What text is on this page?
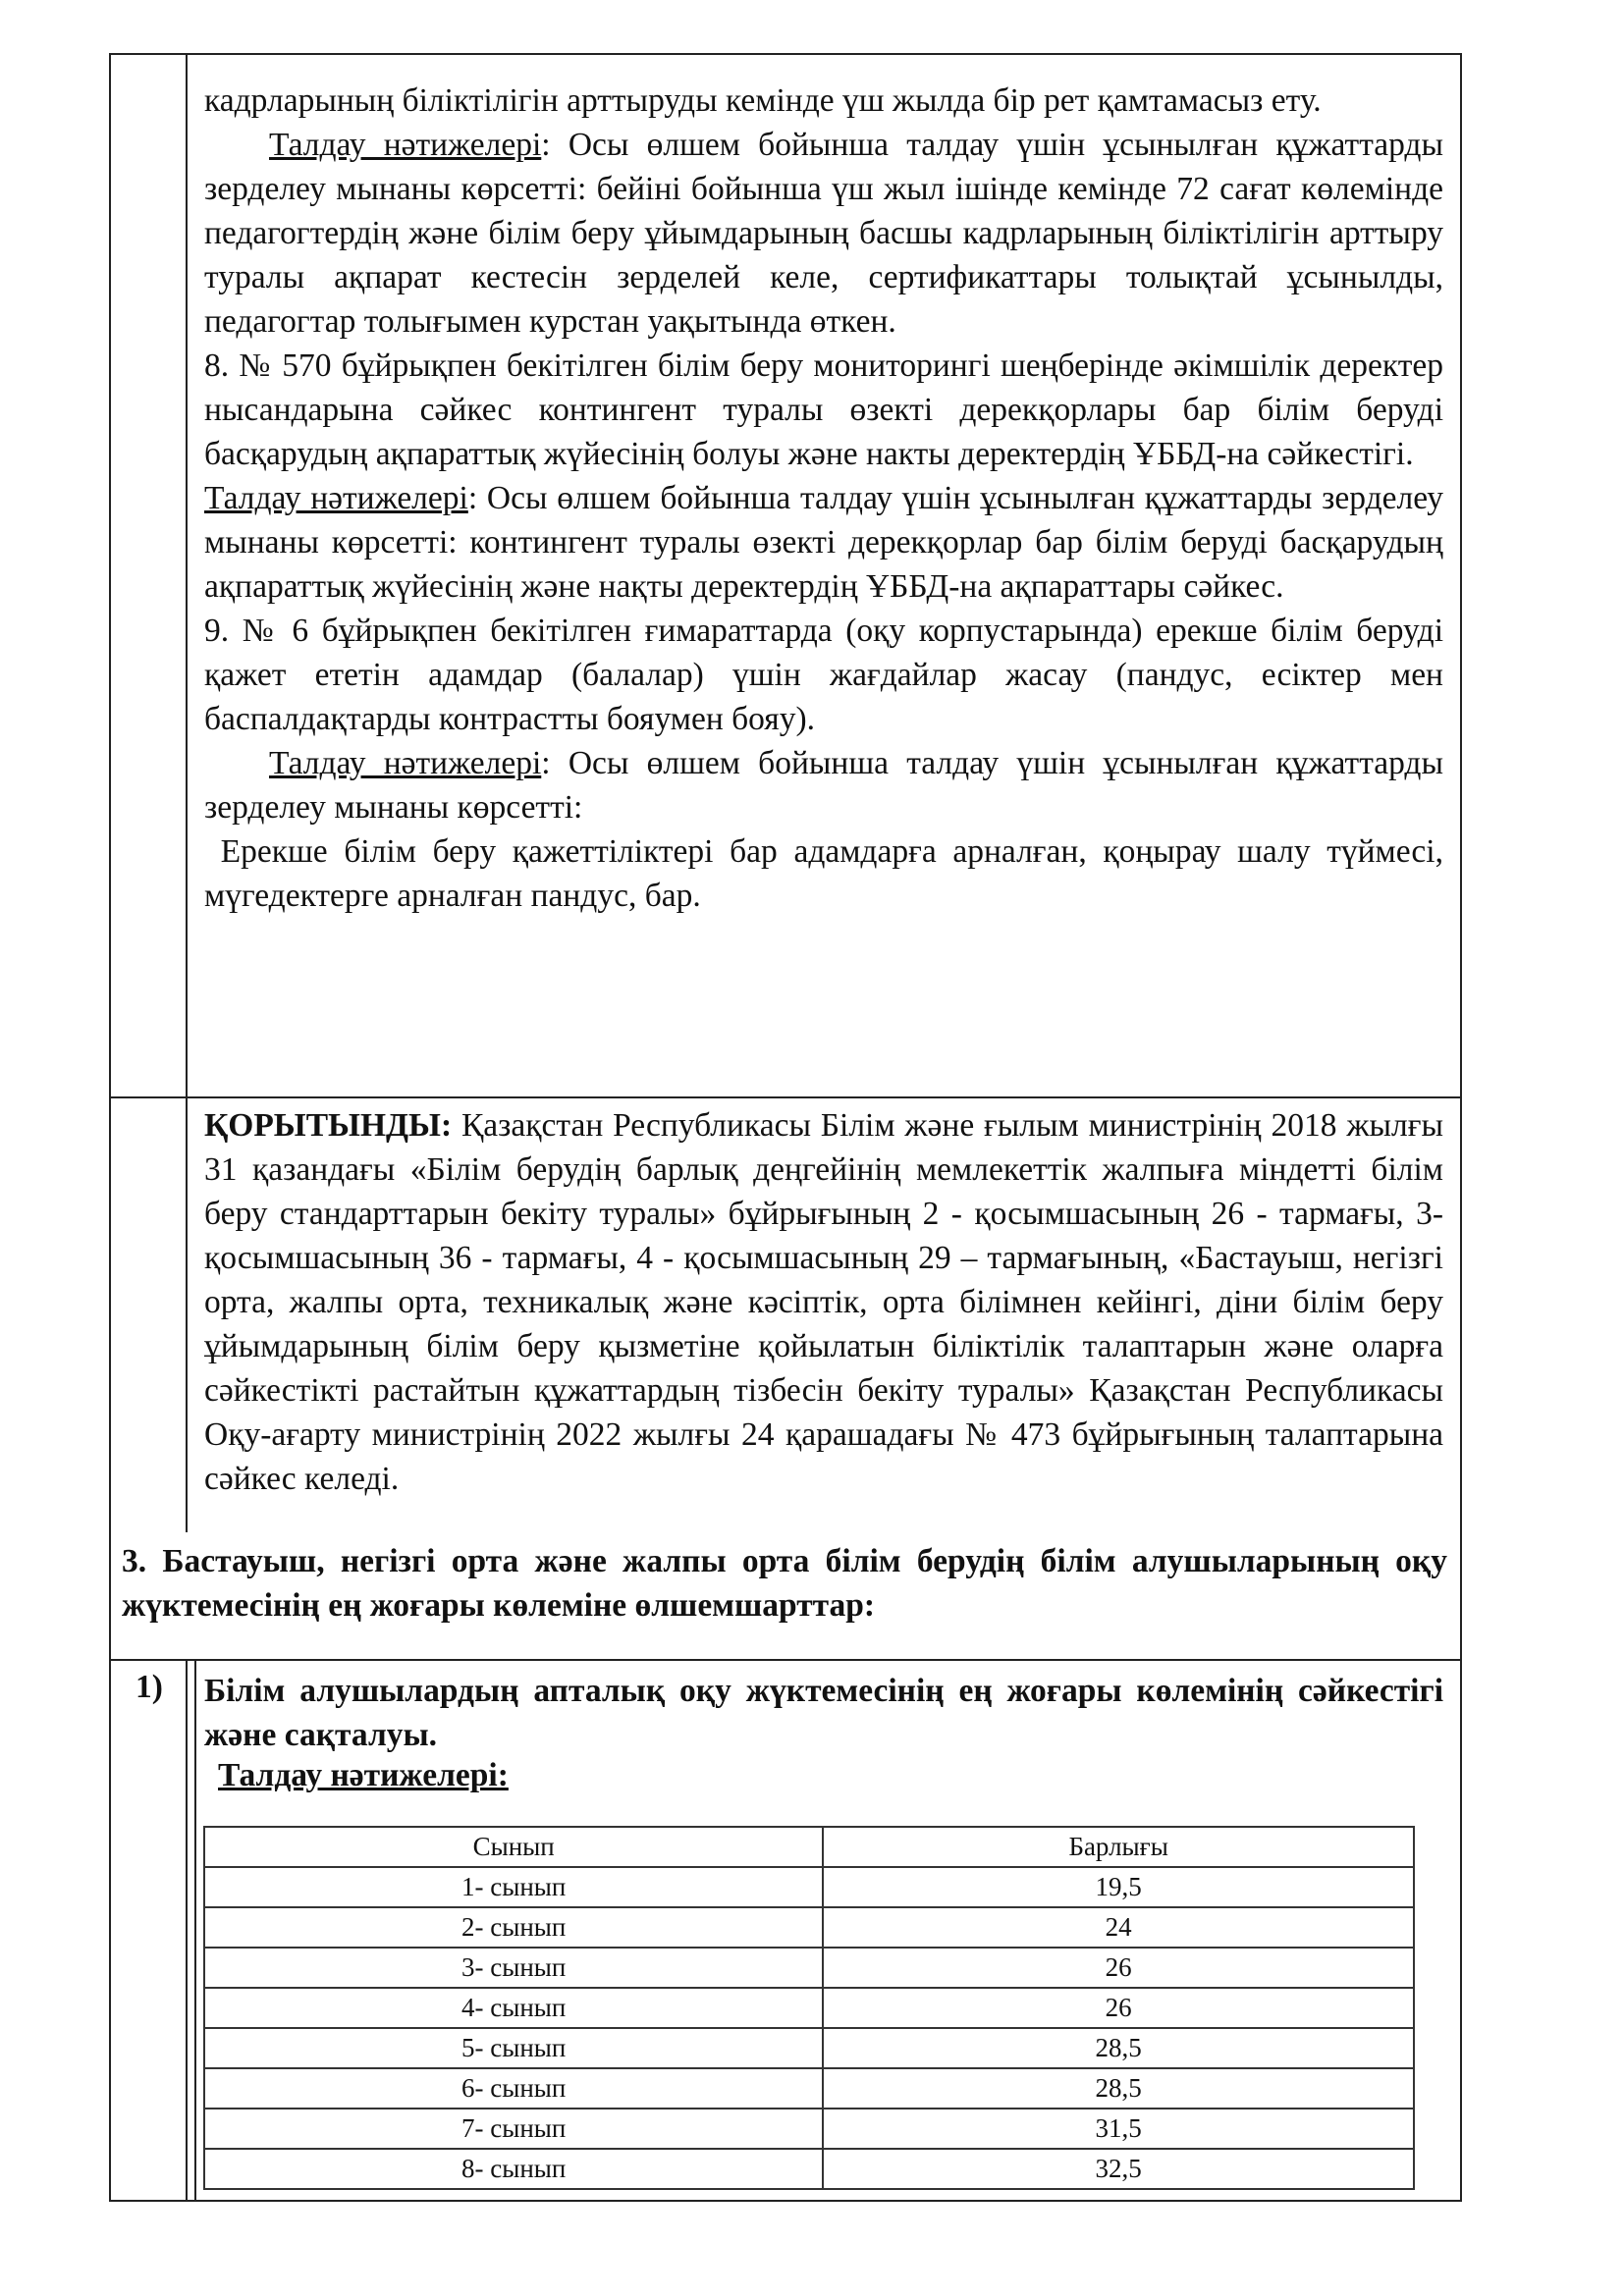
кадрларының біліктілігін арттыруды кемінде үш жылда бір рет қамтамасыз ету.

Талдау нәтижелері: Осы өлшем бойынша талдау үшін ұсынылған құжаттарды зерделеу мынаны көрсетті: бейіні бойынша үш жыл ішінде кемінде 72 сағат көлемінде педагогтердің және білім беру ұйымдарының басшы кадрларының біліктілігін арттыру туралы ақпарат кестесін зерделей келе, сертификаттары толықтай ұсынылды, педагогтар толығымен курстан уақытында өткен.

8. № 570 бұйрықпен бекітілген білім беру мониторингі шеңберінде әкімшілік деректер нысандарына сәйкес контингент туралы өзекті дерекқорлары бар білім беруді басқарудың ақпараттық жүйесінің болуы және накты деректердің ҰББД-на сәйкестігі.

Талдау нәтижелері: Осы өлшем бойынша талдау үшін ұсынылған құжаттарды зерделеу мынаны көрсетті: контингент туралы өзекті дерекқорлар бар білім беруді басқарудың ақпараттық жүйесінің және нақты деректердің ҰББД-на ақпараттары сәйкес.

9. № 6 бұйрықпен бекітілген ғимараттарда (оқу корпустарында) ерекше білім беруді қажет ететін адамдар (балалар) үшін жағдайлар жасау (пандус, есіктер мен баспалдақтарды контрастты бояумен бояу).

Талдау нәтижелері: Осы өлшем бойынша талдау үшін ұсынылған құжаттарды зерделеу мынаны көрсетті:

Ерекше білім беру қажеттіліктері бар адамдарға арналған, қоңырау шалу түймесі, мүгедектерге арналған пандус, бар.

ҚОРЫТЫНДЫ: Қазақстан Республикасы Білім және ғылым министрінің 2018 жылғы 31 қазандағы «Білім берудің барлық деңгейінің мемлекеттік жалпыға міндетті білім беру стандарттарын бекіту туралы» бұйрығының 2 - қосымшасының 26 - тармағы, 3-қосымшасының 36 - тармағы, 4 - қосымшасының 29 – тармағының, «Бастауыш, негізгі орта, жалпы орта, техникалық және кәсіптік, орта білімнен кейінгі, діни білім беру ұйымдарының білім беру қызметіне қойылатын біліктілік талаптарын және оларға сәйкестікті растайтын құжаттардың тізбесін бекіту туралы» Қазақстан Республикасы Оқу-ағарту министрінің 2022 жылғы 24 қарашадағы № 473 бұйрығының талаптарына сәйкес келеді.

3. Бастауыш, негізгі орта және жалпы орта білім берудің білім алушыларының оқу жүктемесінің ең жоғары көлеміне өлшемшарттар:
1) Білім алушылардың апталық оқу жүктемесінің ең жоғары көлемінің сәйкестігі және сақталуы.
Талдау нәтижелері:
Сынып	Барлығы
1- сынып	19,5
2- сынып	24
3- сынып	26
4- сынып	26
5- сынып	28,5
6- сынып	28,5
7- сынып	31,5
8- сынып	32,5
